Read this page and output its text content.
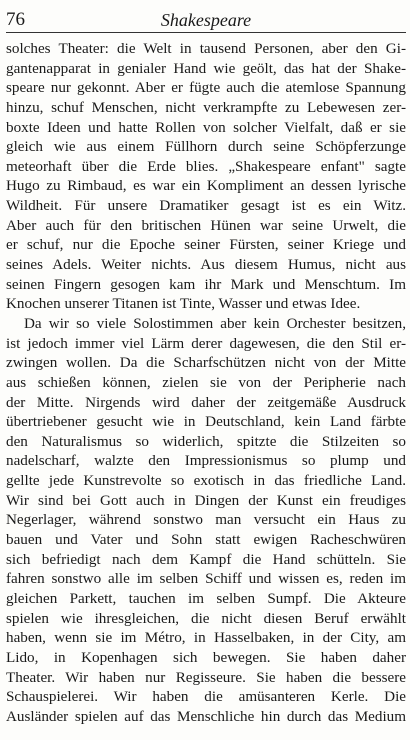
76	Shakespeare
solches Theater: die Welt in tausend Personen, aber den Gi-
gantenapparat in genialer Hand wie geölt, das hat der Shake-
speare nur gekonnt. Aber er fügte auch die atemlose Spannung
hinzu, schuf Menschen, nicht verkrampfte zu Lebewesen zer-
boxte Ideen und hatte Rollen von solcher Vielfalt, daß er sie
gleich wie aus einem Füllhorn durch seine Schöpferzunge
meteorhaft über die Erde blies. „Shakespeare enfant" sagte
Hugo zu Rimbaud, es war ein Kompliment an dessen lyrische
Wildheit. Für unsere Dramatiker gesagt ist es ein Witz.
Aber auch für den britischen Hünen war seine Urwelt, die
er schuf, nur die Epoche seiner Fürsten, seiner Kriege und
seines Adels. Weiter nichts. Aus diesem Humus, nicht aus
seinen Fingern gesogen kam ihr Mark und Menschtum. Im
Knochen unserer Titanen ist Tinte, Wasser und etwas Idee.
Da wir so viele Solostimmen aber kein Orchester besitzen,
ist jedoch immer viel Lärm derer dagewesen, die den Stil er-
zwingen wollen. Da die Scharfschützen nicht von der Mitte
aus schießen können, zielen sie von der Peripherie nach
der Mitte. Nirgends wird daher der zeitgemäße Ausdruck
übertriebener gesucht wie in Deutschland, kein Land färbte
den Naturalismus so widerlich, spitzte die Stilzeiten so
nadelscharf, walzte den Impressionismus so plump und
gellte jede Kunstrevolte so exotisch in das friedliche Land.
Wir sind bei Gott auch in Dingen der Kunst ein freudiges
Negerlager, während sonstwo man versucht ein Haus zu
bauen und Vater und Sohn statt ewigen Racheschwüren
sich befriedigt nach dem Kampf die Hand schütteln. Sie
fahren sonstwo alle im selben Schiff und wissen es, reden im
gleichen Parkett, tauchen im selben Sumpf. Die Akteure
spielen wie ihresgleichen, die nicht diesen Beruf erwählt
haben, wenn sie im Métro, in Hasselbaken, in der City, am
Lido, in Kopenhagen sich bewegen. Sie haben daher
Theater. Wir haben nur Regisseure. Sie haben die bessere
Schauspielerei. Wir haben die amüsanteren Kerle. Die
Ausländer spielen auf das Menschliche hin durch das Medium
